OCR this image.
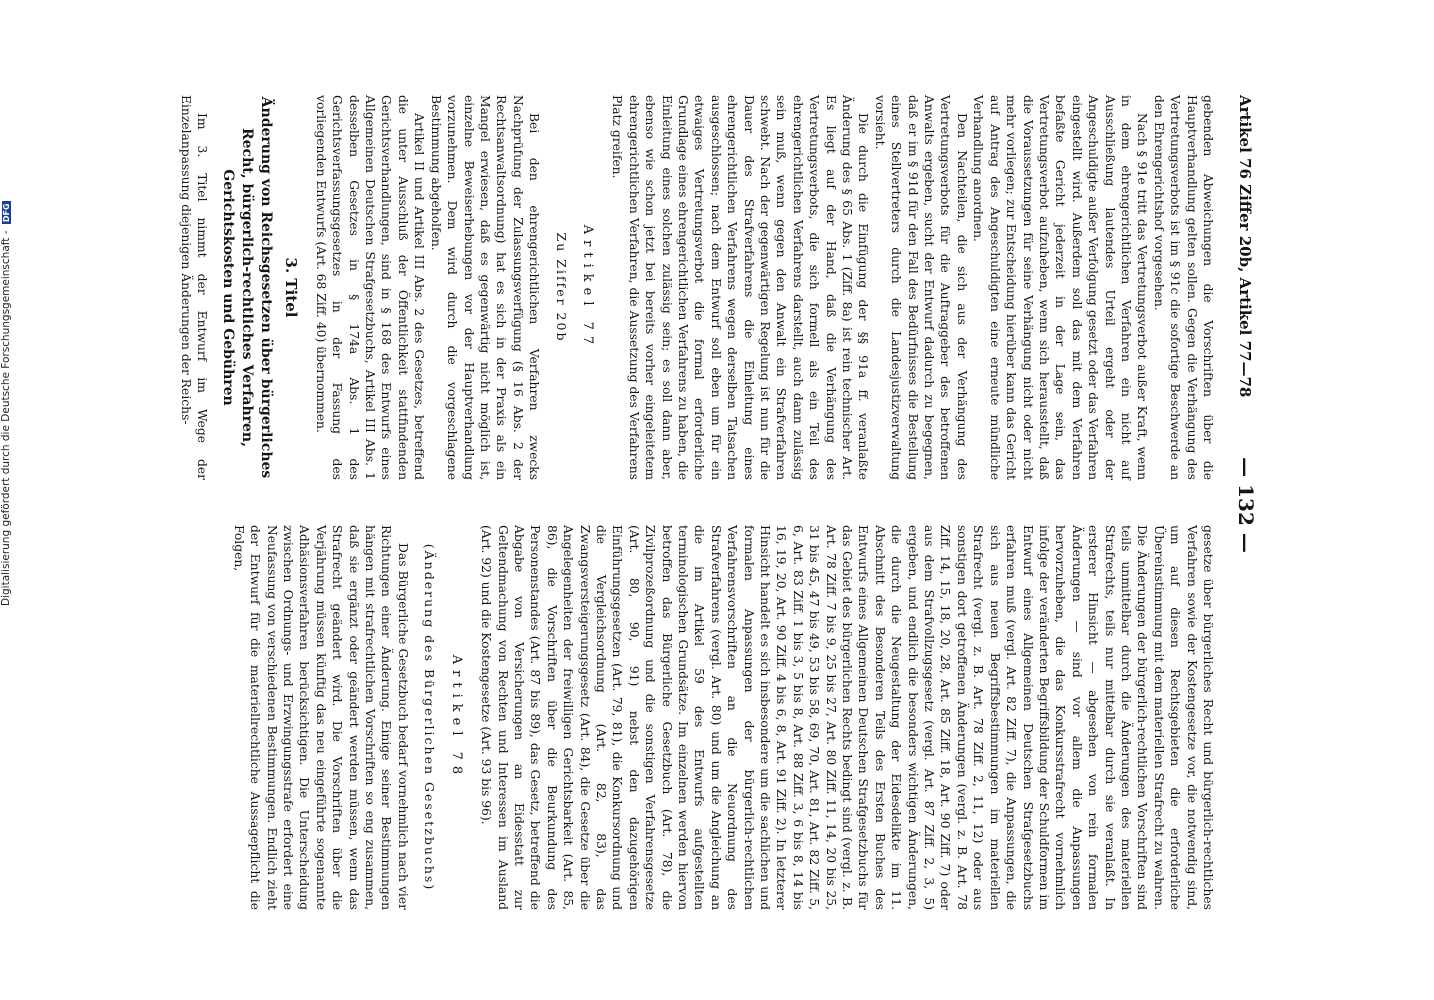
Artikel 76 Ziffer 20b, Artikel 77—78
— 132 —

gebenden Abweichungen die Vorschriften über die Hauptverhandlung gelten sollen. Gegen die Verhängung des Vertretungsverbots ist im § 91c die sofortige Beschwerde an den Ehrengerichtshof vorgesehen.

Nach § 91e tritt das Vertretungsverbot außer Kraft, wenn in dem ehrengerichtlichen Verfahren ein nicht auf Ausschließung lautendes Urteil ergeht oder der Angeschuldigte außer Verfolgung gesetzt oder das Verfahren eingestellt wird. Außerdem soll das mit dem Verfahren befaßte Gericht jederzeit in der Lage sein, das Vertretungsverbot aufzuheben, wenn sich herausstellt, daß die Voraussetzungen für seine Verhängung nicht oder nicht mehr vorliegen; zur Entscheidung hierüber kann das Gericht auf Antrag des Angeschuldigten eine erneute mündliche Verhandlung anordnen.

Den Nachteilen, die sich aus der Verhängung des Vertretungsverbots für die Auftraggeber des betroffenen Anwalts ergeben, sucht der Entwurf dadurch zu begegnen, daß er im § 91d für den Fall des Bedürfnisses die Bestellung eines Stellvertreters durch die Landesjustizverwaltung vorsieht.

Die durch die Einfügung der §§ 91a ff. veranlaßte Änderung des § 65 Abs. 1 (Ziff. 8a) ist rein technischer Art. Es liegt auf der Hand, daß die Verhängung des Vertretungsverbots, die sich formell als ein Teil des ehrengerichtlichen Verfahrens darstellt, auch dann zulässig sein muß, wenn gegen den Anwalt ein Strafverfahren schwebt. Nach der gegenwärtigen Regelung ist nun für die Dauer des Strafverfahrens die Einleitung eines ehrengerichtlichen Verfahrens wegen derselben Tatsachen ausgeschlossen; nach dem Entwurf soll eben um für ein etwaiges Vertretungsverbot die formal erforderliche Grundlage eines ehrengerichtlichen Verfahrens zu haben, die Einleitung eines solchen zulässig sein; es soll dann aber, ebenso wie schon jetzt bei bereits vorher eingeleitetem ehrengerichtlichen Verfahren, die Aussetzung des Verfahrens Platz greifen.

Artikel 77
Zu Ziffer 20b

Bei den ehrengerichtlichen Verfahren zwecks Nachprüfung der Zulassungsverfügung (§ 16 Abs. 2 der Rechtsanwaltsordnung) hat es sich in der Praxis als ein Mangel erwiesen, daß es gegenwärtig nicht möglich ist, einzelne Beweiserhebungen vor der Hauptverhandlung vorzunehmen. Dem wird durch die vorgeschlagene Bestimmung abgeholfen.

Artikel II und Artikel III Abs. 2 des Gesetzes, betreffend die unter Ausschluß der Öffentlichkeit stattfindenden Gerichtsverhandlungen, sind in § 168 des Entwurfs eines Allgemeinen Deutschen Strafgesetzbuchs, Artikel III Abs. 1 desselben Gesetzes in § 174a Abs. 1 des Gerichtsverfassungsgesetzes in der Fassung des vorliegenden Entwurfs (Art. 68 Ziff. 40) übernommen.

3. Titel
Änderung von Reichsgesetzen über bürgerliches Recht, bürgerlich-rechtliches Verfahren, Gerichtskosten und Gebühren

Im 3. Titel nimmt der Entwurf im Wege der Einzelanpassung diejenigen Änderungen der Reichs-

gesetze über bürgerliches Recht und bürgerlich-rechtliches Verfahren sowie der Kostengesetze vor, die notwendig sind, um auf diesen Rechtsgebieten die erforderliche Übereinstimmung mit dem materiellen Strafrecht zu wahren. Die Änderungen der bürgerlich-rechtlichen Vorschriften sind teils unmittelbar durch die Änderungen des materiellen Strafrechts, teils nur mittelbar durch sie veranlaßt. In ersterer Hinsicht — abgesehen von rein formalen Änderungen — sind vor allem die Anpassungen hervorzuheben, die das Konkursstrafrecht vornehmlich infolge der veränderten Begriffsbildung der Schuldformen im Entwurf eines Allgemeinen Deutschen Strafgesetzbuchs erfahren muß (vergl. Art. 82 Ziff. 7), die Anpassungen, die sich aus neuen Begriffsbestimmungen im materiellen Strafrecht (vergl. z. B. Art. 78 Ziff. 2, 11, 12) oder aus sonstigen dort getroffenen Änderungen (vergl. z. B. Art. 78 Ziff. 14, 15, 18, 20, 28, Art. 85 Ziff. 18, Art. 90 Ziff. 7) oder aus dem Strafvollzugsgesetz (vergl. Art. 87 Ziff. 2, 3, 5) ergeben, und endlich die besonders wichtigen Änderungen, die durch die Neugestaltung der Eidesdelikte im 11. Abschnitt des Besonderen Teils des Ersten Buches des Entwurfs eines Allgemeinen Deutschen Strafgesetzbuchs für das Gebiet des bürgerlichen Rechts bedingt sind (vergl. z. B. Art. 78 Ziff. 7 bis 9, 25 bis 27, Art. 80 Ziff. 11, 14, 20 bis 25, 31 bis 45, 47 bis 49, 53 bis 58, 69, 70, Art. 81, Art. 82 Ziff. 5, 6, Art. 83 Ziff. 1 bis 3, 5 bis 8, Art. 88 Ziff. 3, 6 bis 8, 14 bis 16, 19, 20, Art. 90 Ziff. 4 bis 6, 8, Art. 91 Ziff. 2). In letzterer Hinsicht handelt es sich insbesondere um die sachlichen und formalen Anpassungen der bürgerlich-rechtlichen Verfahrensvorschriften an die Neuordnung des Strafverfahrens (vergl. Art. 80) und um die Angleichung an die im Artikel 59 des Entwurfs aufgestellten terminologischen Grundsätze. Im einzelnen werden hiervon betroffen das Bürgerliche Gesetzbuch (Art. 78), die Zivilprozeßordnung und die sonstigen Verfahrensgesetze (Art. 80, 90, 91) nebst den dazugehörigen Einführungsgesetzen (Art. 79, 81), die Konkursordnung und die Vergleichsordnung (Art. 82, 83), das Zwangsversteigerungsgesetz (Art. 84), die Gesetze über die Angelegenheiten der freiwilligen Gerichtsbarkeit (Art. 85, 86), die Vorschriften über die Beurkundung des Personenstandes (Art. 87 bis 89), das Gesetz, betreffend die Abgabe von Versicherungen an Eidesstatt zur Geltendmachung von Rechten und Interessen im Ausland (Art. 92) und die Kostengesetze (Art. 93 bis 96).

Artikel 78
(Änderung des Bürgerlichen Gesetzbuchs)

Das Bürgerliche Gesetzbuch bedarf vornehmlich nach vier Richtungen einer Änderung. Einige seiner Bestimmungen hängen mit strafrechtlichen Vorschriften so eng zusammen, daß sie ergänzt oder geändert werden müssen, wenn das Strafrecht geändert wird. Die Vorschriften über die Verjährung müssen künftig das neu eingeführte sogenannte Adhäsionsverfahren berücksichtigen. Die Unterscheidung zwischen Ordnungs- und Erzwingungsstrafe erfordert eine Neufassung von verschiedenen Bestimmungen. Endlich zieht der Entwurf für die materiellrechtliche Aussagepflicht die Folgen,

Digitalisierung gefördert durch die Deutsche Forschungsgemeinschaft - DFG
